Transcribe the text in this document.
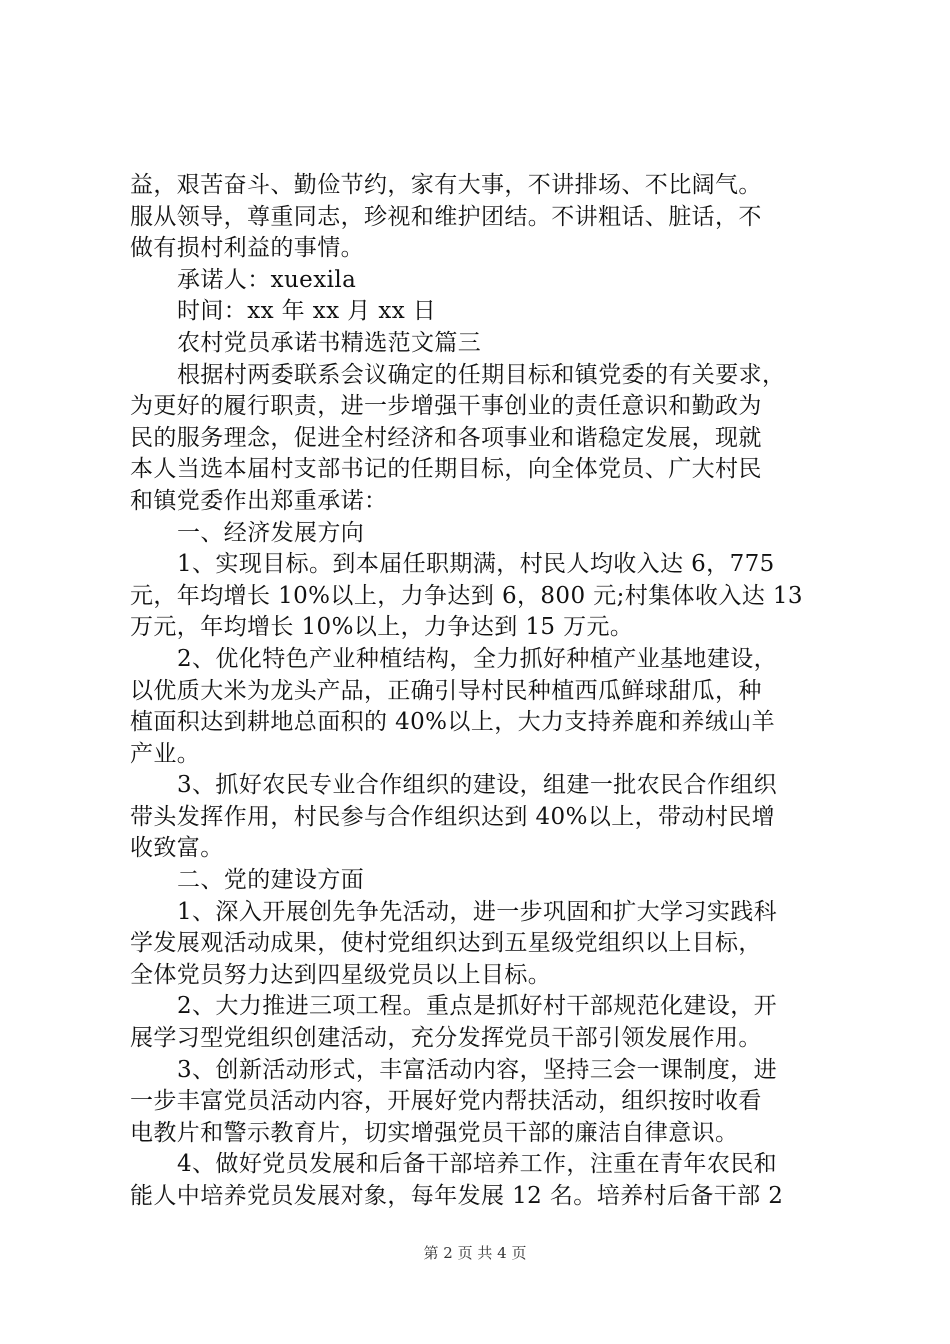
益，艰苦奋斗、勤俭节约，家有大事，不讲排场、不比阔气。
服从领导，尊重同志，珍视和维护团结。不讲粗话、脏话，不
做有损村利益的事情。
承诺人：xuexila
时间：xx 年 xx 月 xx 日
农村党员承诺书精选范文篇三
根据村两委联系会议确定的任期目标和镇党委的有关要求，
为更好的履行职责，进一步增强干事创业的责任意识和勤政为
民的服务理念，促进全村经济和各项事业和谐稳定发展，现就
本人当选本届村支部书记的任期目标，向全体党员、广大村民
和镇党委作出郑重承诺：
一、经济发展方向
1、实现目标。到本届任职期满，村民人均收入达 6，775
元，年均增长 10%以上，力争达到 6，800 元;村集体收入达 13
万元，年均增长 10%以上，力争达到 15 万元。
2、优化特色产业种植结构，全力抓好种植产业基地建设，
以优质大米为龙头产品，正确引导村民种植西瓜鲜球甜瓜，种
植面积达到耕地总面积的 40%以上，大力支持养鹿和养绒山羊
产业。
3、抓好农民专业合作组织的建设，组建一批农民合作组织
带头发挥作用，村民参与合作组织达到 40%以上，带动村民增
收致富。
二、党的建设方面
1、深入开展创先争先活动，进一步巩固和扩大学习实践科
学发展观活动成果，使村党组织达到五星级党组织以上目标，
全体党员努力达到四星级党员以上目标。
2、大力推进三项工程。重点是抓好村干部规范化建设，开
展学习型党组织创建活动，充分发挥党员干部引领发展作用。
3、创新活动形式，丰富活动内容，坚持三会一课制度，进
一步丰富党员活动内容，开展好党内帮扶活动，组织按时收看
电教片和警示教育片，切实增强党员干部的廉洁自律意识。
4、做好党员发展和后备干部培养工作，注重在青年农民和
能人中培养党员发展对象，每年发展 12 名。培养村后备干部 2
第 2 页 共 4 页
